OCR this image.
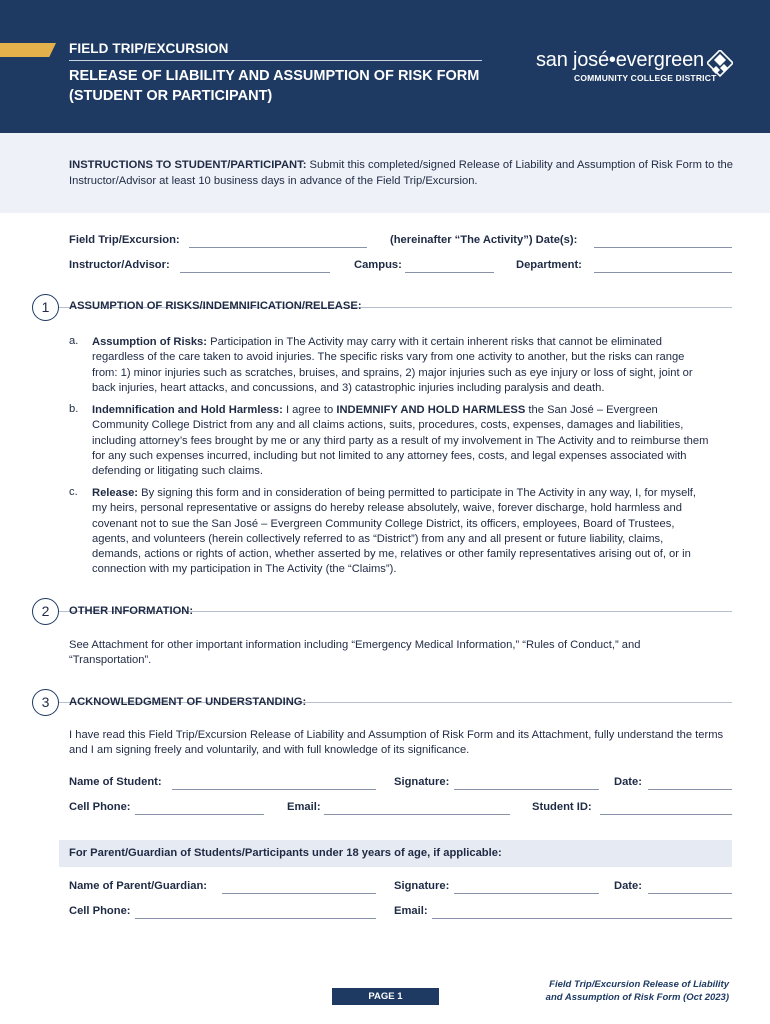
FIELD TRIP/EXCURSION
RELEASE OF LIABILITY AND ASSUMPTION OF RISK FORM
(STUDENT OR PARTICIPANT)
san josé•evergreen
COMMUNITY COLLEGE DISTRICT

INSTRUCTIONS TO STUDENT/PARTICIPANT: Submit this completed/signed Release of Liability and Assumption of Risk Form to the Instructor/Advisor at least 10 business days in advance of the Field Trip/Excursion.

Field Trip/Excursion:	(hereinafter “The Activity”) Date(s):
Instructor/Advisor:	Campus:	Department:
1	ASSUMPTION OF RISKS/INDEMNIFICATION/RELEASE:
a. Assumption of Risks: Participation in The Activity may carry with it certain inherent risks that cannot be eliminated regardless of the care taken to avoid injuries. The specific risks vary from one activity to another, but the risks can range from: 1) minor injuries such as scratches, bruises, and sprains, 2) major injuries such as eye injury or loss of sight, joint or back injuries, heart attacks, and concussions, and 3) catastrophic injuries including paralysis and death.

b. Indemnification and Hold Harmless: I agree to INDEMNIFY AND HOLD HARMLESS the San José – Evergreen Community College District from any and all claims actions, suits, procedures, costs, expenses, damages and liabilities, including attorney’s fees brought by me or any third party as a result of my involvement in The Activity and to reimburse them for any such expenses incurred, including but not limited to any attorney fees, costs, and legal expenses associated with defending or litigating such claims.

c. Release: By signing this form and in consideration of being permitted to participate in The Activity in any way, I, for myself, my heirs, personal representative or assigns do hereby release absolutely, waive, forever discharge, hold harmless and covenant not to sue the San José – Evergreen Community College District, its officers, employees, Board of Trustees, agents, and volunteers (herein collectively referred to as “District”) from any and all present or future liability, claims, demands, actions or rights of action, whether asserted by me, relatives or other family representatives arising out of, or in connection with my participation in The Activity (the “Claims”).

2	OTHER INFORMATION:

See Attachment for other important information including “Emergency Medical Information,” “Rules of Conduct,” and “Transportation”.

3	ACKNOWLEDGMENT OF UNDERSTANDING:

I have read this Field Trip/Excursion Release of Liability and Assumption of Risk Form and its Attachment, fully understand the terms and I am signing freely and voluntarily, and with full knowledge of its significance.

Name of Student:	Signature:	Date:
Cell Phone:	Email:	Student ID:
For Parent/Guardian of Students/Participants under 18 years of age, if applicable:
Name of Parent/Guardian:	Signature:	Date:
Cell Phone:	Email:
PAGE 1
Field Trip/Excursion Release of Liability
and Assumption of Risk Form (Oct 2023)
